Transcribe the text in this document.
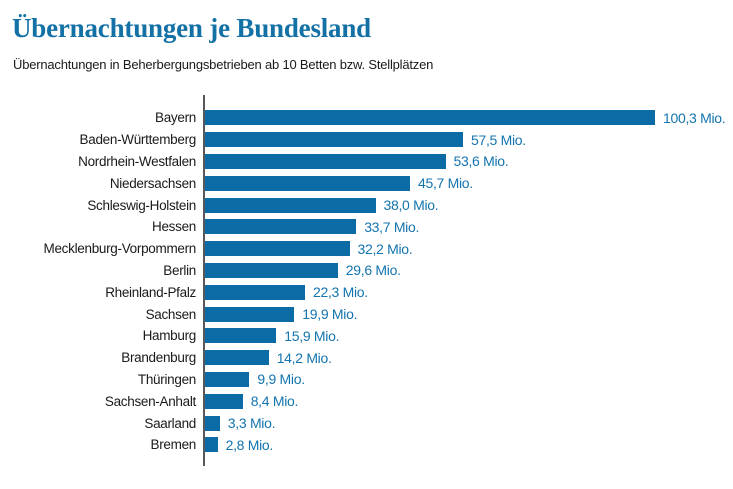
Übernachtungen je Bundesland

Übernachtungen in Beherbergungsbetrieben ab 10 Betten bzw. Stellplätzen

Bayern	100,3 Mio.
Baden-Württemberg	57,5 Mio.
Nordrhein-Westfalen	53,6 Mio.
Niedersachsen	45,7 Mio.
Schleswig-Holstein	38,0 Mio.
Hessen	33,7 Mio.
Mecklenburg-Vorpommern	32,2 Mio.
Berlin	29,6 Mio.
Rheinland-Pfalz	22,3 Mio.
Sachsen	19,9 Mio.
Hamburg	15,9 Mio.
Brandenburg	14,2 Mio.
Thüringen	9,9 Mio.
Sachsen-Anhalt	8,4 Mio.
Saarland 3,3 Mio.
Bremen 2,8 Mio.
